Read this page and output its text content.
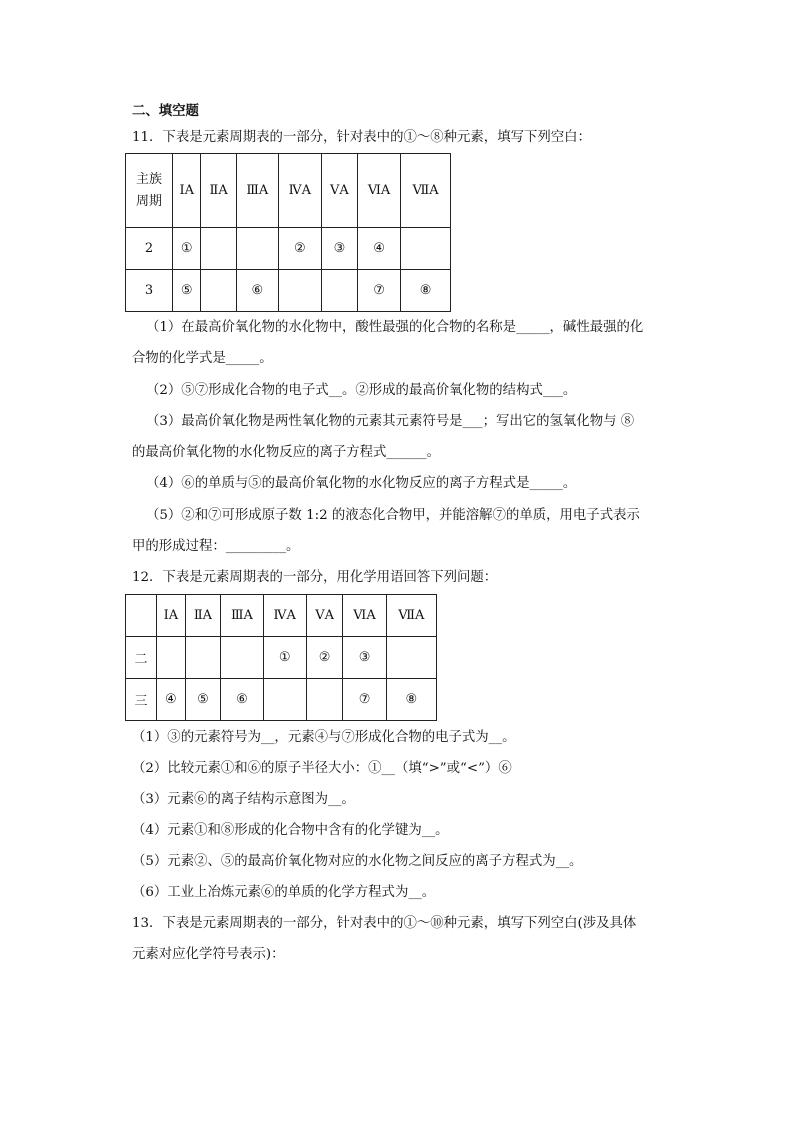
二、填空题
11．下表是元素周期表的一部分，针对表中的①～⑧种元素，填写下列空白：
主族
周期	ⅠA	ⅡA	ⅢA	ⅣA	ⅤA	ⅥA	ⅦA
2	①			②	③	④	
3	⑤		⑥			⑦	⑧
（1）在最高价氧化物的水化物中，酸性最强的化合物的名称是_____，碱性最强的化
合物的化学式是_____。
（2）⑤⑦形成化合物的电子式__。②形成的最高价氧化物的结构式___。
（3）最高价氧化物是两性氧化物的元素其元素符号是___；写出它的氢氧化物与 ⑧
的最高价氧化物的水化物反应的离子方程式______。
（4）⑥的单质与⑤的最高价氧化物的水化物反应的离子方程式是_____。
（5）②和⑦可形成原子数 1:2 的液态化合物甲，并能溶解⑦的单质，用电子式表示
甲的形成过程：_________。
12．下表是元素周期表的一部分，用化学用语回答下列问题：
	ⅠA	ⅡA	ⅢA	ⅣA	ⅤA	ⅥA	ⅦA
二				①	②	③	
三	④	⑤	⑥			⑦	⑧
（1）③的元素符号为__，元素④与⑦形成化合物的电子式为__。
（2）比较元素①和⑥的原子半径大小：①__（填“>”或“<”）⑥
（3）元素⑥的离子结构示意图为__。
（4）元素①和⑧形成的化合物中含有的化学键为__。
（5）元素②、⑤的最高价氧化物对应的水化物之间反应的离子方程式为__。
（6）工业上冶炼元素⑥的单质的化学方程式为__。
13．下表是元素周期表的一部分，针对表中的①～⑩种元素，填写下列空白(涉及具体
元素对应化学符号表示)：
